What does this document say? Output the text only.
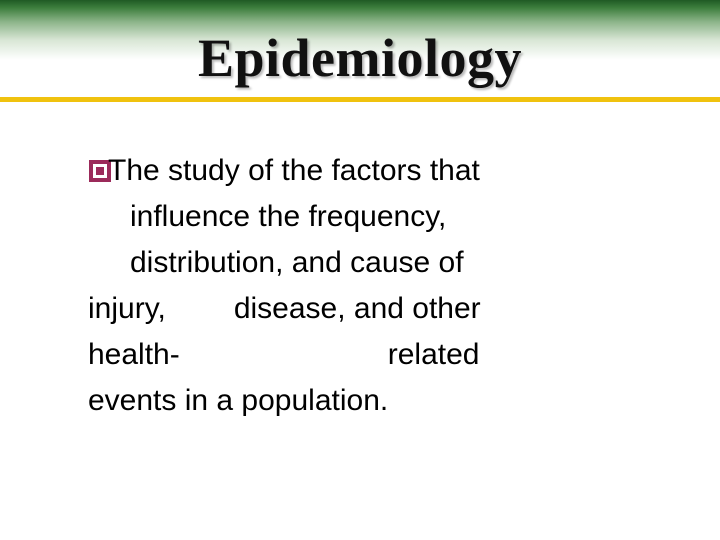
Epidemiology
The study of the factors that
influence the frequency,
distribution, and cause of
injury, disease, and other
health-	related
events in a population.
